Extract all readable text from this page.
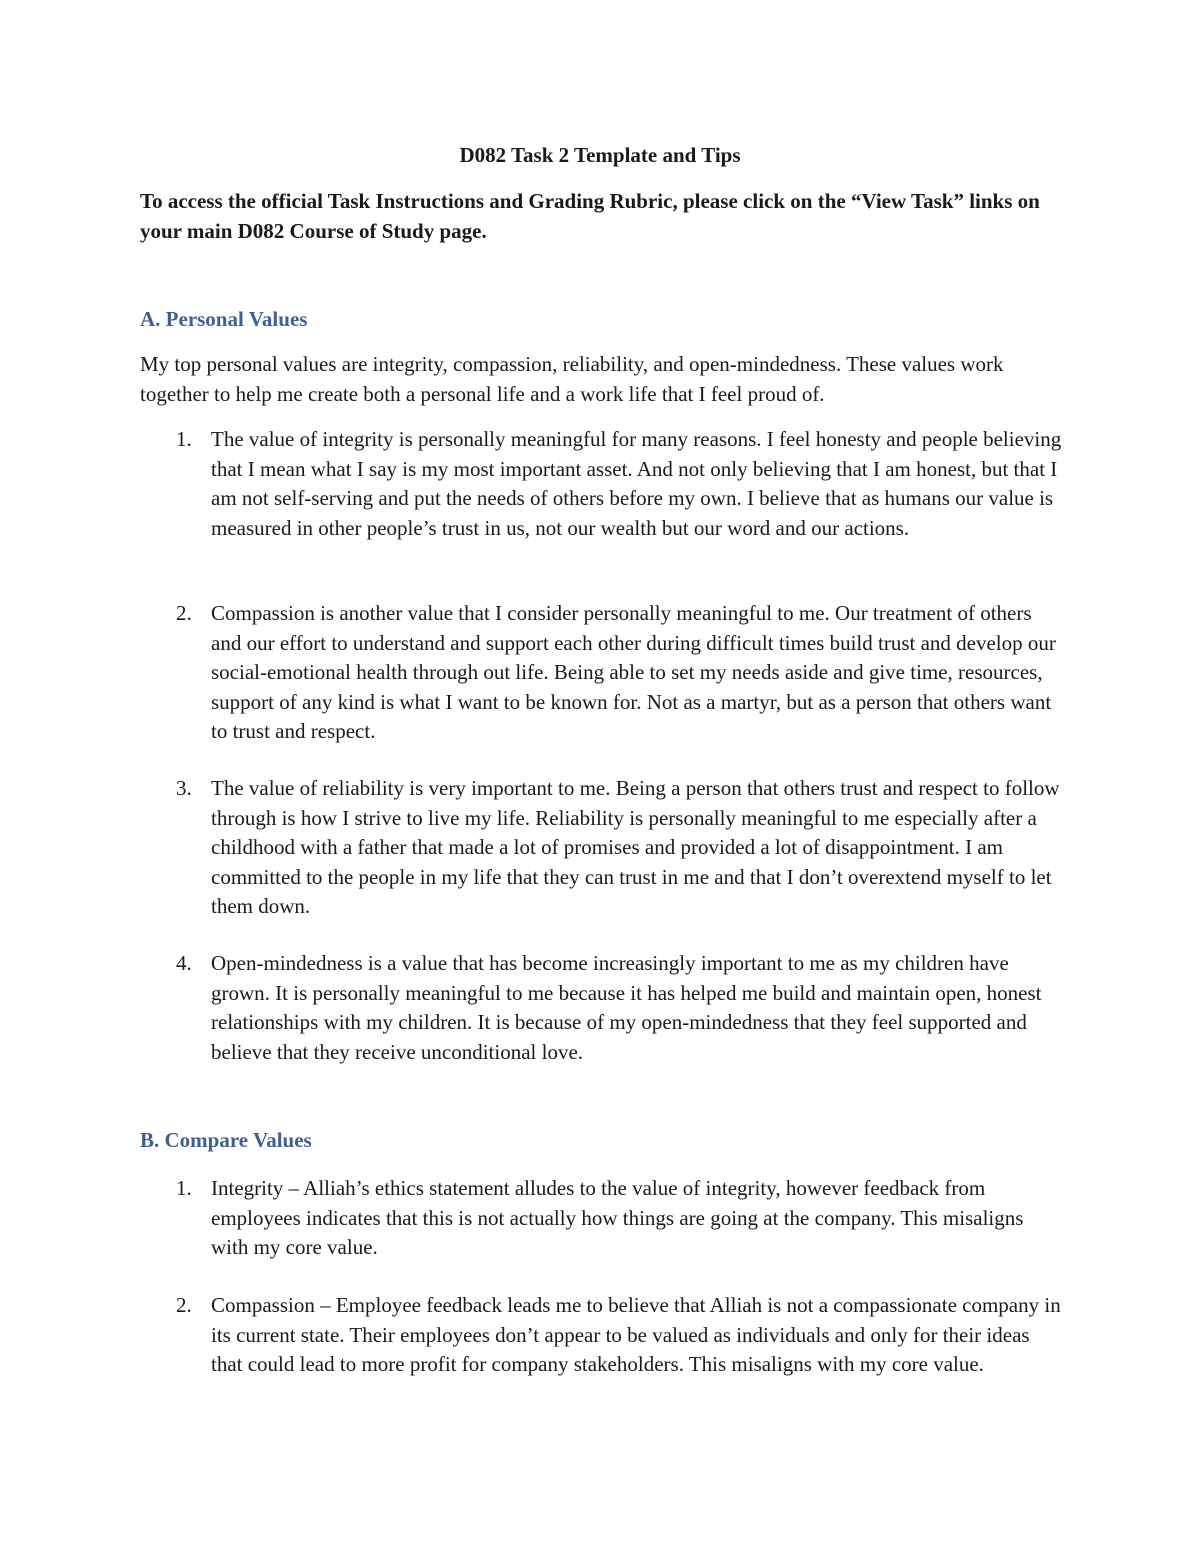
D082 Task 2 Template and Tips

To access the official Task Instructions and Grading Rubric, please click on the “View Task” links on your main D082 Course of Study page.

A. Personal Values

My top personal values are integrity, compassion, reliability, and open-mindedness. These values work together to help me create both a personal life and a work life that I feel proud of.

1. The value of integrity is personally meaningful for many reasons. I feel honesty and people believing that I mean what I say is my most important asset. And not only believing that I am honest, but that I am not self-serving and put the needs of others before my own. I believe that as humans our value is measured in other people’s trust in us, not our wealth but our word and our actions.
2. Compassion is another value that I consider personally meaningful to me. Our treatment of others and our effort to understand and support each other during difficult times build trust and develop our social-emotional health through out life. Being able to set my needs aside and give time, resources, support of any kind is what I want to be known for. Not as a martyr, but as a person that others want to trust and respect.
3. The value of reliability is very important to me. Being a person that others trust and respect to follow through is how I strive to live my life. Reliability is personally meaningful to me especially after a childhood with a father that made a lot of promises and provided a lot of disappointment. I am committed to the people in my life that they can trust in me and that I don’t overextend myself to let them down.
4. Open-mindedness is a value that has become increasingly important to me as my children have grown. It is personally meaningful to me because it has helped me build and maintain open, honest relationships with my children. It is because of my open-mindedness that they feel supported and believe that they receive unconditional love.
B. Compare Values
1. Integrity – Alliah’s ethics statement alludes to the value of integrity, however feedback from employees indicates that this is not actually how things are going at the company. This misaligns with my core value.
2. Compassion – Employee feedback leads me to believe that Alliah is not a compassionate company in its current state. Their employees don’t appear to be valued as individuals and only for their ideas that could lead to more profit for company stakeholders. This misaligns with my core value.
